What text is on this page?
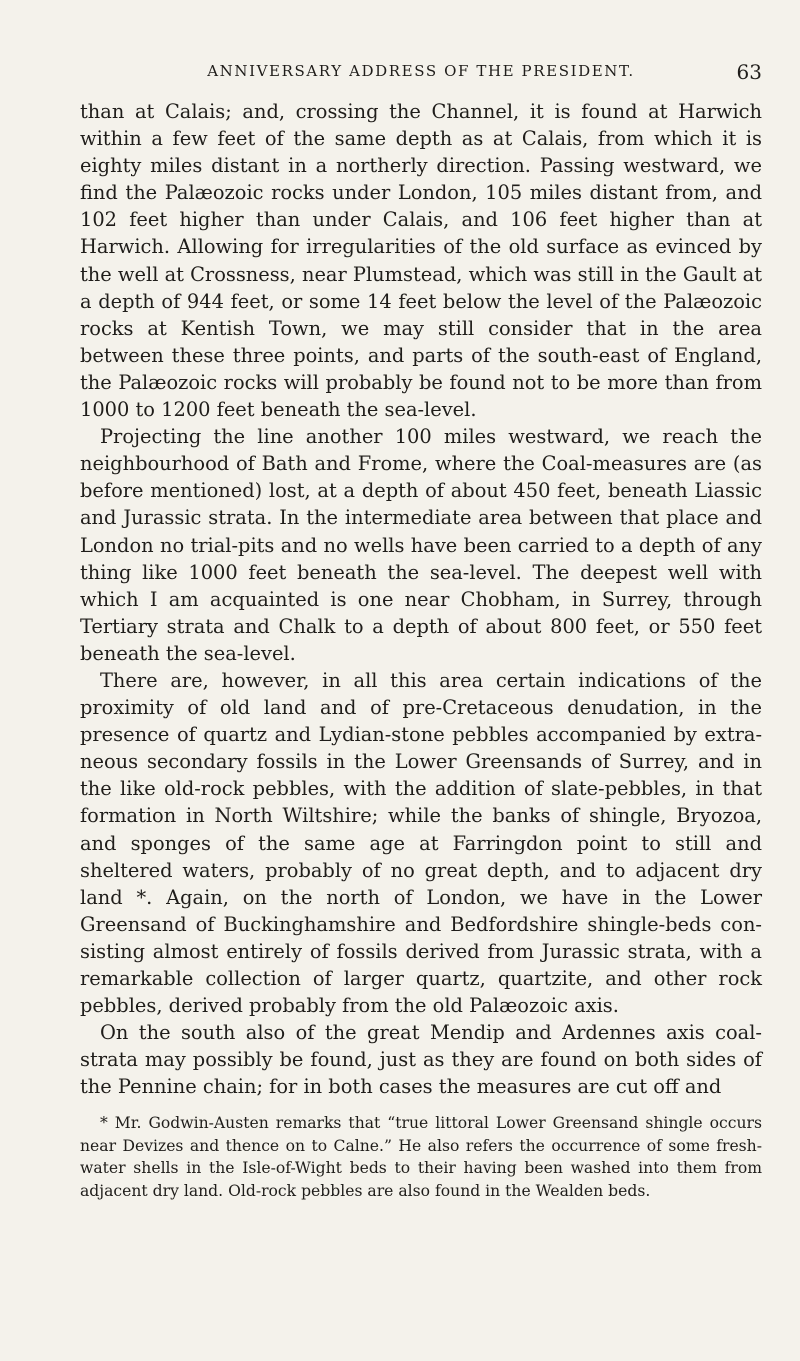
ANNIVERSARY ADDRESS OF THE PRESIDENT.	63

than at Calais; and, crossing the Channel, it is found at Harwich within a few feet of the same depth as at Calais, from which it is eighty miles distant in a northerly direction. Passing westward, we find the Palæozoic rocks under London, 105 miles distant from, and 102 feet higher than under Calais, and 106 feet higher than at Harwich. Allowing for irregularities of the old surface as evinced by the well at Crossness, near Plumstead, which was still in the Gault at a depth of 944 feet, or some 14 feet below the level of the Palæozoic rocks at Kentish Town, we may still consider that in the area between these three points, and parts of the south-east of England, the Palæozoic rocks will probably be found not to be more than from 1000 to 1200 feet beneath the sea-level.

Projecting the line another 100 miles westward, we reach the neighbourhood of Bath and Frome, where the Coal-measures are (as before mentioned) lost, at a depth of about 450 feet, beneath Liassic and Jurassic strata. In the intermediate area between that place and London no trial-pits and no wells have been carried to a depth of any thing like 1000 feet beneath the sea-level. The deepest well with which I am acquainted is one near Chobham, in Surrey, through Tertiary strata and Chalk to a depth of about 800 feet, or 550 feet beneath the sea-level.

There are, however, in all this area certain indications of the proximity of old land and of pre-Cretaceous denudation, in the presence of quartz and Lydian-stone pebbles accompanied by extra-neous secondary fossils in the Lower Greensands of Surrey, and in the like old-rock pebbles, with the addition of slate-pebbles, in that formation in North Wiltshire; while the banks of shingle, Bryozoa, and sponges of the same age at Farringdon point to still and sheltered waters, probably of no great depth, and to adjacent dry land *. Again, on the north of London, we have in the Lower Greensand of Buckinghamshire and Bedfordshire shingle-beds con-sisting almost entirely of fossils derived from Jurassic strata, with a remarkable collection of larger quartz, quartzite, and other rock pebbles, derived probably from the old Palæozoic axis.

On the south also of the great Mendip and Ardennes axis coal-strata may possibly be found, just as they are found on both sides of the Pennine chain; for in both cases the measures are cut off and

* Mr. Godwin-Austen remarks that “true littoral Lower Greensand shingle occurs near Devizes and thence on to Calne.” He also refers the occurrence of some fresh-water shells in the Isle-of-Wight beds to their having been washed into them from adjacent dry land. Old-rock pebbles are also found in the Wealden beds.
